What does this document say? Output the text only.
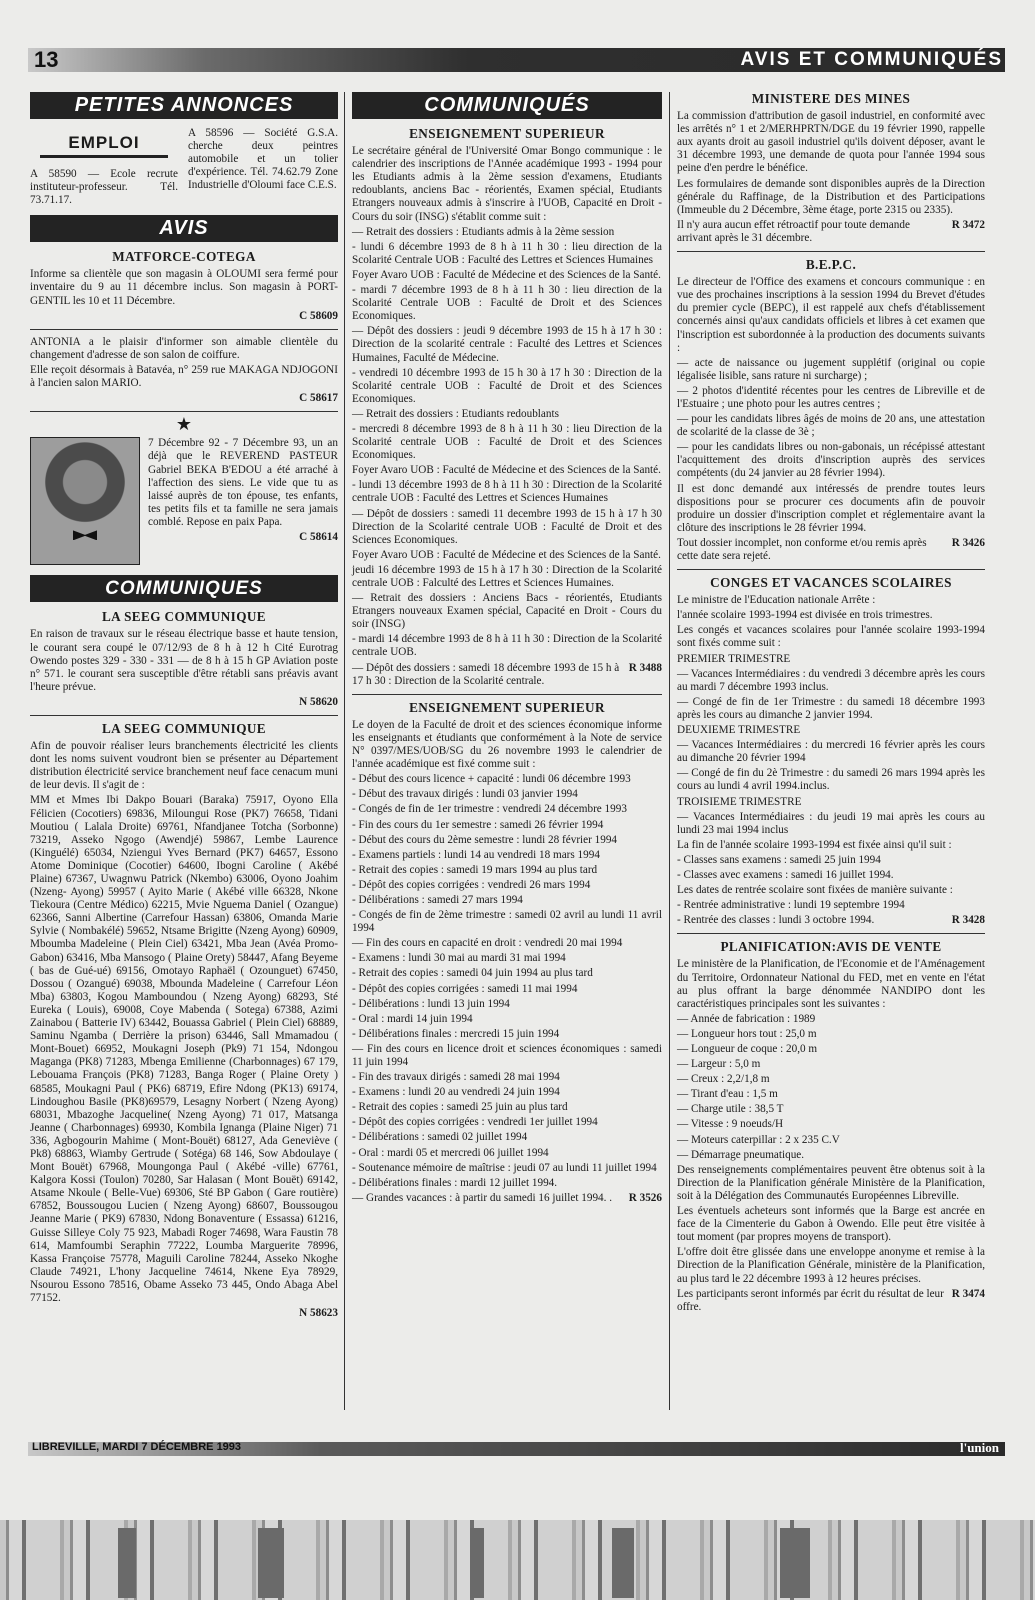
13	AVIS ET COMMUNIQUÉS
PETITES ANNONCES
EMPLOI

A 58590 — Ecole recrute instituteur-professeur. Tél. 73.71.17.

A 58596 — Société G.S.A. cherche deux peintres automobile et un tolier d'expérience. Tél. 74.62.79 Zone Industrielle d'Oloumi face C.E.S.

AVIS
MATFORCE-COTEGA

Informe sa clientèle que son magasin à OLOUMI sera fermé pour inventaire du 9 au 11 décembre inclus. Son magasin à PORT-GENTIL les 10 et 11 Décembre.

C 58609

ANTONIA a le plaisir d'informer son aimable clientèle du changement d'adresse de son salon de coiffure.

Elle reçoit désormais à Batavéa, n° 259 rue MAKAGA NDJOGONI à l'ancien salon MARIO.

C 58617
★

7 Décembre 92 - 7 Décembre 93, un an déjà que le REVEREND PASTEUR Gabriel BEKA B'EDOU a été arraché à l'affection des siens. Le vide que tu as laissé auprès de ton épouse, tes enfants, tes petits fils et ta famille ne sera jamais comblé. Repose en paix Papa.

C 58614
COMMUNIQUES
LA SEEG COMMUNIQUE

En raison de travaux sur le réseau électrique basse et haute tension, le courant sera coupé le 07/12/93 de 8 h à 12 h Cité Eurotrag Owendo postes 329 - 330 - 331 — de 8 h à 15 h GP Aviation poste n° 571. le courant sera susceptible d'être rétabli sans préavis avant l'heure prévue.

N 58620
LA SEEG COMMUNIQUE

Afin de pouvoir réaliser leurs branchements électricité les clients dont les noms suivent voudront bien se présenter au Département distribution électricité service branchement neuf face cenacum muni de leur devis. Il s'agit de :

MM et Mmes Ibi Dakpo Bouari (Baraka) 75917, Oyono Ella Félicien (Cocotiers) 69836, Miloungui Rose (PK7) 76658, Tidani Moutiou ( Lalala Droite) 69761, Nfandjanee Totcha (Sorbonne) 73219, Asseko Ngogo (Awendjé) 59867, Lembe Laurence (Kinguélé) 65034, Nziengui Yves Bernard (PK7) 64657, Essono Atome Dominique (Cocotier) 64600, Ibogni Caroline ( Akébé Plaine) 67367, Uwagnwu Patrick (Nkembo) 63006, Oyono Joahim (Nzeng- Ayong) 59957 ( Ayito Marie ( Akébé ville 66328, Nkone Tiekoura (Centre Médico) 62215, Mvie Nguema Daniel ( Ozangue) 62366, Sanni Albertine (Carrefour Hassan) 63806, Omanda Marie Sylvie ( Nombakélé) 59652, Ntsame Brigitte (Nzeng Ayong) 60909, Mboumba Madeleine ( Plein Ciel) 63421, Mba Jean (Avéa Promo-Gabon) 63416, Mba Mansogo ( Plaine Orety) 58447, Afang Beyeme ( bas de Gué-ué) 69156, Omotayo Raphaël ( Ozounguet) 67450, Dossou ( Ozangué) 69038, Mbounda Madeleine ( Carrefour Léon Mba) 63803, Kogou Mamboundou ( Nzeng Ayong) 68293, Sté Eureka ( Louis), 69008, Coye Mabenda ( Sotega) 67388, Azimi Zainabou ( Batterie IV) 63442, Bouassa Gabriel ( Plein Ciel) 68889, Saminu Ngamba ( Derrière la prison) 63446, Sall Mmamadou ( Mont-Bouet) 66952, Moukagni Joseph (Pk9) 71 154, Ndongou Maganga (PK8) 71283, Mbenga Emilienne (Charbonnages) 67 179, Lebouama François (PK8) 71283, Banga Roger ( Plaine Orety ) 68585, Moukagni Paul ( PK6) 68719, Efire Ndong (PK13) 69174, Lindoughou Basile (PK8)69579, Lesagny Norbert ( Nzeng Ayong) 68031, Mbazoghe Jacqueline( Nzeng Ayong) 71 017, Matsanga Jeanne ( Charbonnages) 69930, Kombila Ignanga (Plaine Niger) 71 336, Agbogourin Mahime ( Mont-Bouët) 68127, Ada Geneviève ( Pk8) 68863, Wiamby Gertrude ( Sotéga) 68 146, Sow Abdoulaye ( Mont Bouët) 67968, Moungonga Paul ( Akébé -ville) 67761, Kalgora Kossi (Toulon) 70280, Sar Halasan ( Mont Bouët) 69142, Atsame Nkoule ( Belle-Vue) 69306, Sté BP Gabon ( Gare routière) 67852, Boussougou Lucien ( Nzeng Ayong) 68607, Boussougou Jeanne Marie ( PK9) 67830, Ndong Bonaventure ( Essassa) 61216, Guisse Silleye Coly 75 923, Mabadi Roger 74698, Wara Faustin 78 614, Mamfoumbi Seraphin 77222, Loumba Marguerite 78996, Kassa Françoise 75778, Maguili Caroline 78244, Asseko Nkoghe Claude 74921, L'hony Jacqueline 74614, Nkene Eya 78929, Nsourou Essono 78516, Obame Asseko 73 445, Ondo Abaga Abel 77152.

N 58623
COMMUNIQUÉS
ENSEIGNEMENT SUPERIEUR

Le secrétaire général de l'Université Omar Bongo communique : le calendrier des inscriptions de l'Année académique 1993 - 1994 pour les Etudiants admis à la 2ème session d'examens, Etudiants redoublants, anciens Bac - réorientés, Examen spécial, Etudiants Etrangers nouveaux admis à s'inscrire à l'UOB, Capacité en Droit - Cours du soir (INSG) s'établit comme suit :

— Retrait des dossiers : Etudiants admis à la 2ème session

- lundi 6 décembre 1993 de 8 h à 11 h 30 : lieu direction de la Scolarité Centrale UOB : Faculté des Lettres et Sciences Humaines

Foyer Avaro UOB : Faculté de Médecine et des Sciences de la Santé.

- mardi 7 décembre 1993 de 8 h à 11 h 30 : lieu direction de la Scolarité Centrale UOB : Faculté de Droit et des Sciences Economiques.

— Dépôt des dossiers : jeudi 9 décembre 1993 de 15 h à 17 h 30 : Direction de la scolarité centrale : Faculté des Lettres et Sciences Humaines, Faculté de Médecine.

- vendredi 10 décembre 1993 de 15 h 30 à 17 h 30 : Direction de la Scolarité centrale UOB : Faculté de Droit et des Sciences Economiques.

— Retrait des dossiers : Etudiants redoublants

- mercredi 8 décembre 1993 de 8 h à 11 h 30 : lieu Direction de la Scolarité centrale UOB : Faculté de Droit et des Sciences Economiques.

Foyer Avaro UOB : Faculté de Médecine et des Sciences de la Santé.

- lundi 13 décembre 1993 de 8 h à 11 h 30 : Direction de la Scolarité centrale UOB : Faculté des Lettres et Sciences Humaines

— Dépôt de dossiers : samedi 11 decembre 1993 de 15 h à 17 h 30 Direction de la Scolarité centrale UOB : Faculté de Droit et des Sciences Economiques.

Foyer Avaro UOB : Faculté de Médecine et des Sciences de la Santé.

jeudi 16 décembre 1993 de 15 h à 17 h 30 : Direction de la Scolarité centrale UOB : Falculté des Lettres et Sciences Humaines.

— Retrait des dossiers : Anciens Bacs - réorientés, Etudiants Etrangers nouveaux Examen spécial, Capacité en Droit - Cours du soir (INSG)

- mardi 14 décembre 1993 de 8 h à 11 h 30 : Direction de la Scolarité centrale UOB.

— Dépôt des dossiers : samedi 18 décembre 1993 de 15 h à 17 h 30 : Direction de la Scolarité centrale.
R 3488
ENSEIGNEMENT SUPERIEUR

Le doyen de la Faculté de droit et des sciences économique informe les enseignants et étudiants que conformément à la Note de service N° 0397/MES/UOB/SG du 26 novembre 1993 le calendrier de l'année académique est fixé comme suit :

- Début des cours licence + capacité : lundi 06 décembre 1993

- Début des travaux dirigés : lundi 03 janvier 1994

- Congés de fin de 1er trimestre : vendredi 24 décembre 1993

- Fin des cours du 1er semestre : samedi 26 février 1994

- Début des cours du 2ème semestre : lundi 28 février 1994

- Examens partiels : lundi 14 au vendredi 18 mars 1994

- Retrait des copies : samedi 19 mars 1994 au plus tard

- Dépôt des copies corrigées : vendredi 26 mars 1994

- Délibérations : samedi 27 mars 1994

- Congés de fin de 2ème trimestre : samedi 02 avril au lundi 11 avril 1994

— Fin des cours en capacité en droit : vendredi 20 mai 1994

- Examens : lundi 30 mai au mardi 31 mai 1994

- Retrait des copies : samedi 04 juin 1994 au plus tard

- Dépôt des copies corrigées : samedi 11 mai 1994

- Délibérations : lundi 13 juin 1994

- Oral : mardi 14 juin 1994

- Délibérations finales : mercredi 15 juin 1994

— Fin des cours en licence droit et sciences économiques : samedi 11 juin 1994

- Fin des travaux dirigés : samedi 28 mai 1994

- Examens : lundi 20 au vendredi 24 juin 1994

- Retrait des copies : samedi 25 juin au plus tard

- Dépôt des copies corrigées : vendredi 1er juillet 1994

- Délibérations : samedi 02 juillet 1994

- Oral : mardi 05 et mercredi 06 juillet 1994

- Soutenance mémoire de maîtrise : jeudi 07 au lundi 11 juillet 1994

- Délibérations finales : mardi 12 juillet 1994.

— Grandes vacances : à partir du samedi 16 juillet 1994. .	R 3526
MINISTERE DES MINES

La commission d'attribution de gasoil industriel, en conformité avec les arrêtés n° 1 et 2/MERHPRTN/DGE du 19 février 1990, rappelle aux ayants droit au gasoil industriel qu'ils doivent déposer, avant le 31 décembre 1993, une demande de quota pour l'année 1994 sous peine d'en perdre le bénéfice.

Les formulaires de demande sont disponibles auprès de la Direction générale du Raffinage, de la Distribution et des Participations (Immeuble du 2 Décembre, 3ème étage, porte 2315 ou 2335).

Il n'y aura aucun effet rétroactif pour toute demande arrivant après le 31 décembre.
R 3472
B.E.P.C.

Le directeur de l'Office des examens et concours communique : en vue des prochaines inscriptions à la session 1994 du Brevet d'études du premier cycle (BEPC), il est rappelé aux chefs d'établissement concernés ainsi qu'aux candidats officiels et libres à cet examen que l'inscription est subordonnée à la production des documents suivants :

— acte de naissance ou jugement supplétif (original ou copie légalisée lisible, sans rature ni surcharge) ;

— 2 photos d'identité récentes pour les centres de Libreville et de l'Estuaire ; une photo pour les autres centres ;

— pour les candidats libres âgés de moins de 20 ans, une attestation de scolarité de la classe de 3è ;

— pour les candidats libres ou non-gabonais, un récépissé attestant l'acquittement des droits d'inscription auprès des services compétents (du 24 janvier au 28 février 1994).

Il est donc demandé aux intéressés de prendre toutes leurs dispositions pour se procurer ces documents afin de pouvoir produire un dossier d'inscription complet et réglementaire avant la clôture des inscriptions le 28 février 1994.

Tout dossier incomplet, non conforme et/ou remis après cette date sera rejeté.
R 3426
CONGES ET VACANCES SCOLAIRES

Le ministre de l'Education nationale Arrête :

l'année scolaire 1993-1994 est divisée en trois trimestres.

Les congés et vacances scolaires pour l'année scolaire 1993-1994 sont fixés comme suit :

PREMIER TRIMESTRE

— Vacances Intermédiaires : du vendredi 3 décembre après les cours au mardi 7 décembre 1993 inclus.

— Congé de fin de 1er Trimestre : du samedi 18 décembre 1993 après les cours au dimanche 2 janvier 1994.

DEUXIEME TRIMESTRE

— Vacances Intermédiaires : du mercredi 16 février après les cours au dimanche 20 février 1994

— Congé de fin du 2è Trimestre : du samedi 26 mars 1994 après les cours au lundi 4 avril 1994.inclus.

TROISIEME TRIMESTRE

— Vacances Intermédiaires : du jeudi 19 mai après les cours au lundi 23 mai 1994 inclus

La fin de l'année scolaire 1993-1994 est fixée ainsi qu'il suit :

- Classes sans examens : samedi 25 juin 1994

- Classes avec examens : samedi 16 juillet 1994.

Les dates de rentrée scolaire sont fixées de manière suivante :

- Rentrée administrative : lundi 19 septembre 1994

- Rentrée des classes : lundi 3 octobre 1994.	R 3428
PLANIFICATION:AVIS DE VENTE

Le ministère de la Planification, de l'Economie et de l'Aménagement du Territoire, Ordonnateur National du FED, met en vente en l'état au plus offrant la barge dénommée NANDIPO dont les caractéristiques principales sont les suivantes :

— Année de fabrication : 1989

— Longueur hors tout : 25,0 m

— Longueur de coque : 20,0 m

— Largeur : 5,0 m

— Creux : 2,2/1,8 m

— Tirant d'eau : 1,5 m

— Charge utile : 38,5 T

— Vitesse : 9 noeuds/H

— Moteurs caterpillar : 2 x 235 C.V

— Démarrage pneumatique.

Des renseignements complémentaires peuvent être obtenus soit à la Direction de la Planification générale Ministère de la Planification, soit à la Délégation des Communautés Européennes Libreville.

Les éventuels acheteurs sont informés que la Barge est ancrée en face de la Cimenterie du Gabon à Owendo. Elle peut être visitée à tout moment (par propres moyens de transport).

L'offre doit être glissée dans une enveloppe anonyme et remise à la Direction de la Planification Générale, ministère de la Planification, au plus tard le 22 décembre 1993 à 12 heures précises.

Les participants seront informés par écrit du résultat de leur offre.
R 3474
LIBREVILLE, MARDI 7 DÉCEMBRE 1993	l'union
